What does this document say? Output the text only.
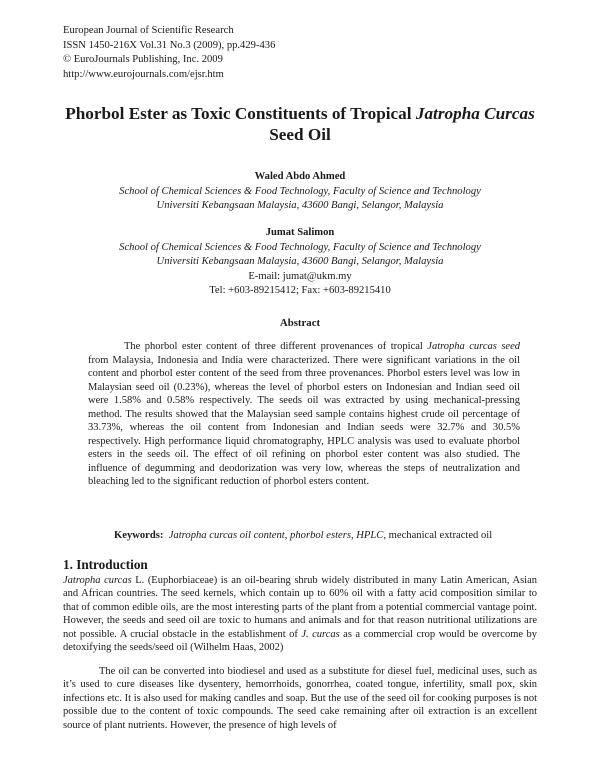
European Journal of Scientific Research
ISSN 1450-216X Vol.31 No.3 (2009), pp.429-436
© EuroJournals Publishing, Inc. 2009
http://www.eurojournals.com/ejsr.htm
Phorbol Ester as Toxic Constituents of Tropical Jatropha Curcas
Seed Oil
Waled Abdo Ahmed
School of Chemical Sciences & Food Technology, Faculty of Science and Technology
Universiti Kebangsaan Malaysia, 43600 Bangi, Selangor, Malaysia
Jumat Salimon
School of Chemical Sciences & Food Technology, Faculty of Science and Technology
Universiti Kebangsaan Malaysia, 43600 Bangi, Selangor, Malaysia
E-mail: jumat@ukm.my
Tel: +603-89215412; Fax: +603-89215410
Abstract

The phorbol ester content of three different provenances of tropical Jatropha curcas seed from Malaysia, Indonesia and India were characterized. There were significant variations in the oil content and phorbol ester content of the seed from three provenances. Phorbol esters level was low in Malaysian seed oil (0.23%), whereas the level of phorbol esters on Indonesian and Indian seed oil were 1.58% and 0.58% respectively. The seeds oil was extracted by using mechanical-pressing method. The results showed that the Malaysian seed sample contains highest crude oil percentage of 33.73%, whereas the oil content from Indonesian and Indian seeds were 32.7% and 30.5% respectively. High performance liquid chromatography, HPLC analysis was used to evaluate phorbol esters in the seeds oil. The effect of oil refining on phorbol ester content was also studied. The influence of degumming and deodorization was very low, whereas the steps of neutralization and bleaching led to the significant reduction of phorbol esters content.

Keywords: Jatropha curcas oil content, phorbol esters, HPLC, mechanical extracted oil
1. Introduction

Jatropha curcas L. (Euphorbiaceae) is an oil-bearing shrub widely distributed in many Latin American, Asian and African countries. The seed kernels, which contain up to 60% oil with a fatty acid composition similar to that of common edible oils, are the most interesting parts of the plant from a potential commercial vantage point. However, the seeds and seed oil are toxic to humans and animals and for that reason nutritional utilizations are not possible. A crucial obstacle in the establishment of J. curcas as a commercial crop would be overcome by detoxifying the seeds/seed oil (Wilhelm Haas, 2002)

The oil can be converted into biodiesel and used as a substitute for diesel fuel, medicinal uses, such as it’s used to cure diseases like dysentery, hemorrhoids, gonorrhea, coated tongue, infertility, small pox, skin infections etc. It is also used for making candles and soap. But the use of the seed oil for cooking purposes is not possible due to the content of toxic compounds. The seed cake remaining after oil extraction is an excellent source of plant nutrients. However, the presence of high levels of
